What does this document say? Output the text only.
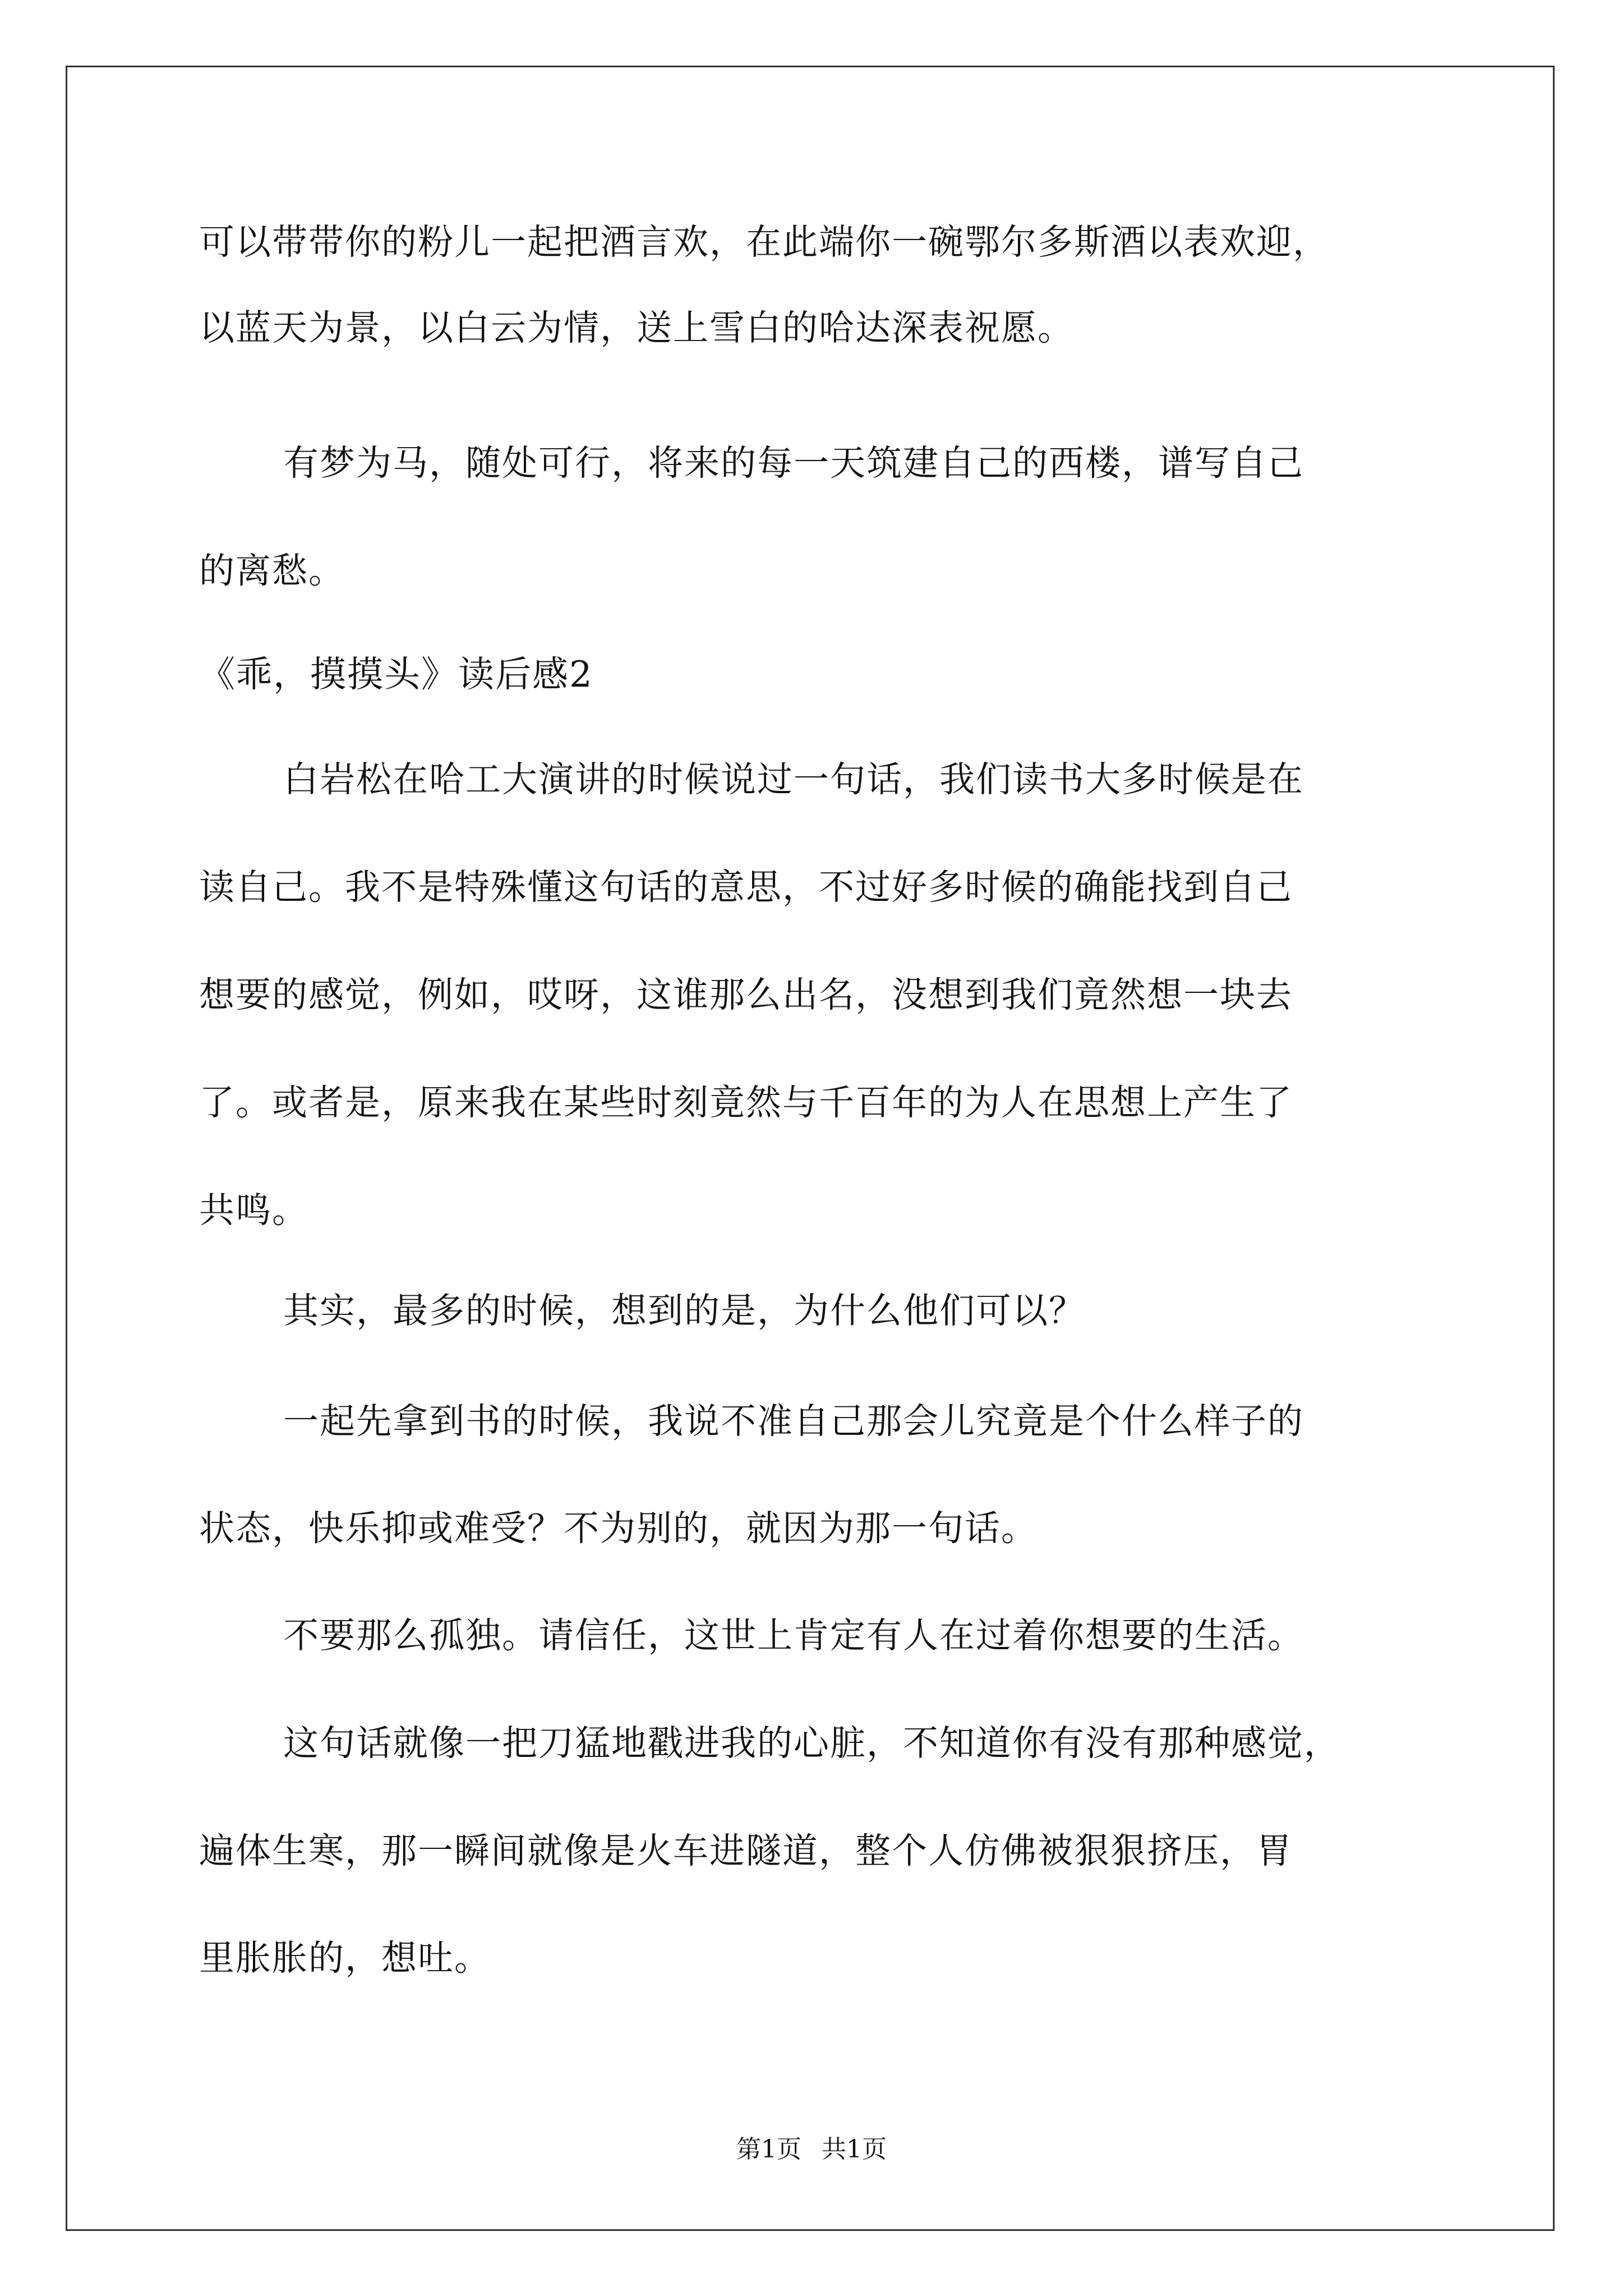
可以带带你的粉儿一起把酒言欢，在此端你一碗鄂尔多斯酒以表欢迎，
以蓝天为景，以白云为情，送上雪白的哈达深表祝愿。
有梦为马，随处可行，将来的每一天筑建自己的西楼，谱写自己
的离愁。
《乖，摸摸头》读后感2
白岩松在哈工大演讲的时候说过一句话，我们读书大多时候是在
读自己。我不是特殊懂这句话的意思，不过好多时候的确能找到自己
想要的感觉，例如，哎呀，这谁那么出名，没想到我们竟然想一块去
了。或者是，原来我在某些时刻竟然与千百年的为人在思想上产生了
共鸣。
其实，最多的时候，想到的是，为什么他们可以？
一起先拿到书的时候，我说不准自己那会儿究竟是个什么样子的
状态，快乐抑或难受？不为别的，就因为那一句话。
不要那么孤独。请信任，这世上肯定有人在过着你想要的生活。
这句话就像一把刀猛地戳进我的心脏，不知道你有没有那种感觉，
遍体生寒，那一瞬间就像是火车进隧道，整个人仿佛被狠狠挤压，胃
里胀胀的，想吐。
第1页 共1页
